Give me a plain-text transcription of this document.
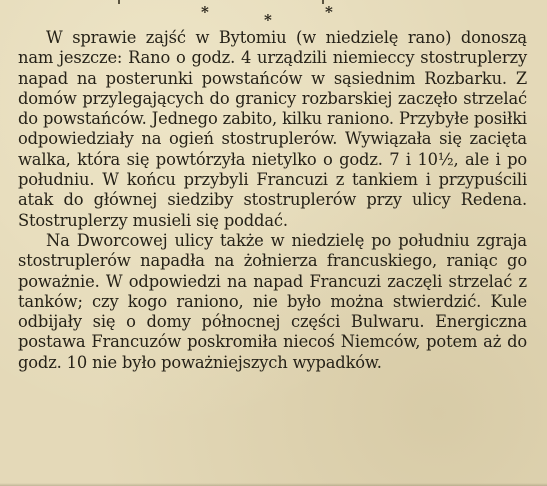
*	*	*

W sprawie zajść w Bytomiu (w niedzielę rano) donoszą nam jeszcze: Rano o godz. 4 urządzili niemieccy stostruplerzy napad na posterunki powstańców w sąsiednim Rozbarku. Z domów przylegających do granicy rozbarskiej zaczęło strzelać do powstańców. Jednego zabito, kilku raniono. Przybyłe posiłki odpowiedziały na ogień stostruplerów. Wywiązała się zacięta walka, która się powtórzyła nietylko o godz. 7 i 10½, ale i po południu. W końcu przybyli Francuzi z tankiem i przypuścili atak do głównej siedziby stostruplerów przy ulicy Redena. Stostruplerzy musieli się poddać.

Na Dworcowej ulicy także w niedzielę po południu zgraja stostruplerów napadła na żołnierza francuskiego, raniąc go poważnie. W odpowiedzi na napad Francuzi zaczęli strzelać z tanków; czy kogo raniono, nie było można stwierdzić. Kule odbijały się o domy północnej części Bulwaru. Energiczna postawa Francuzów poskromiła niecoś Niemców, potem aż do godz. 10 nie było poważniejszych wypadków.
